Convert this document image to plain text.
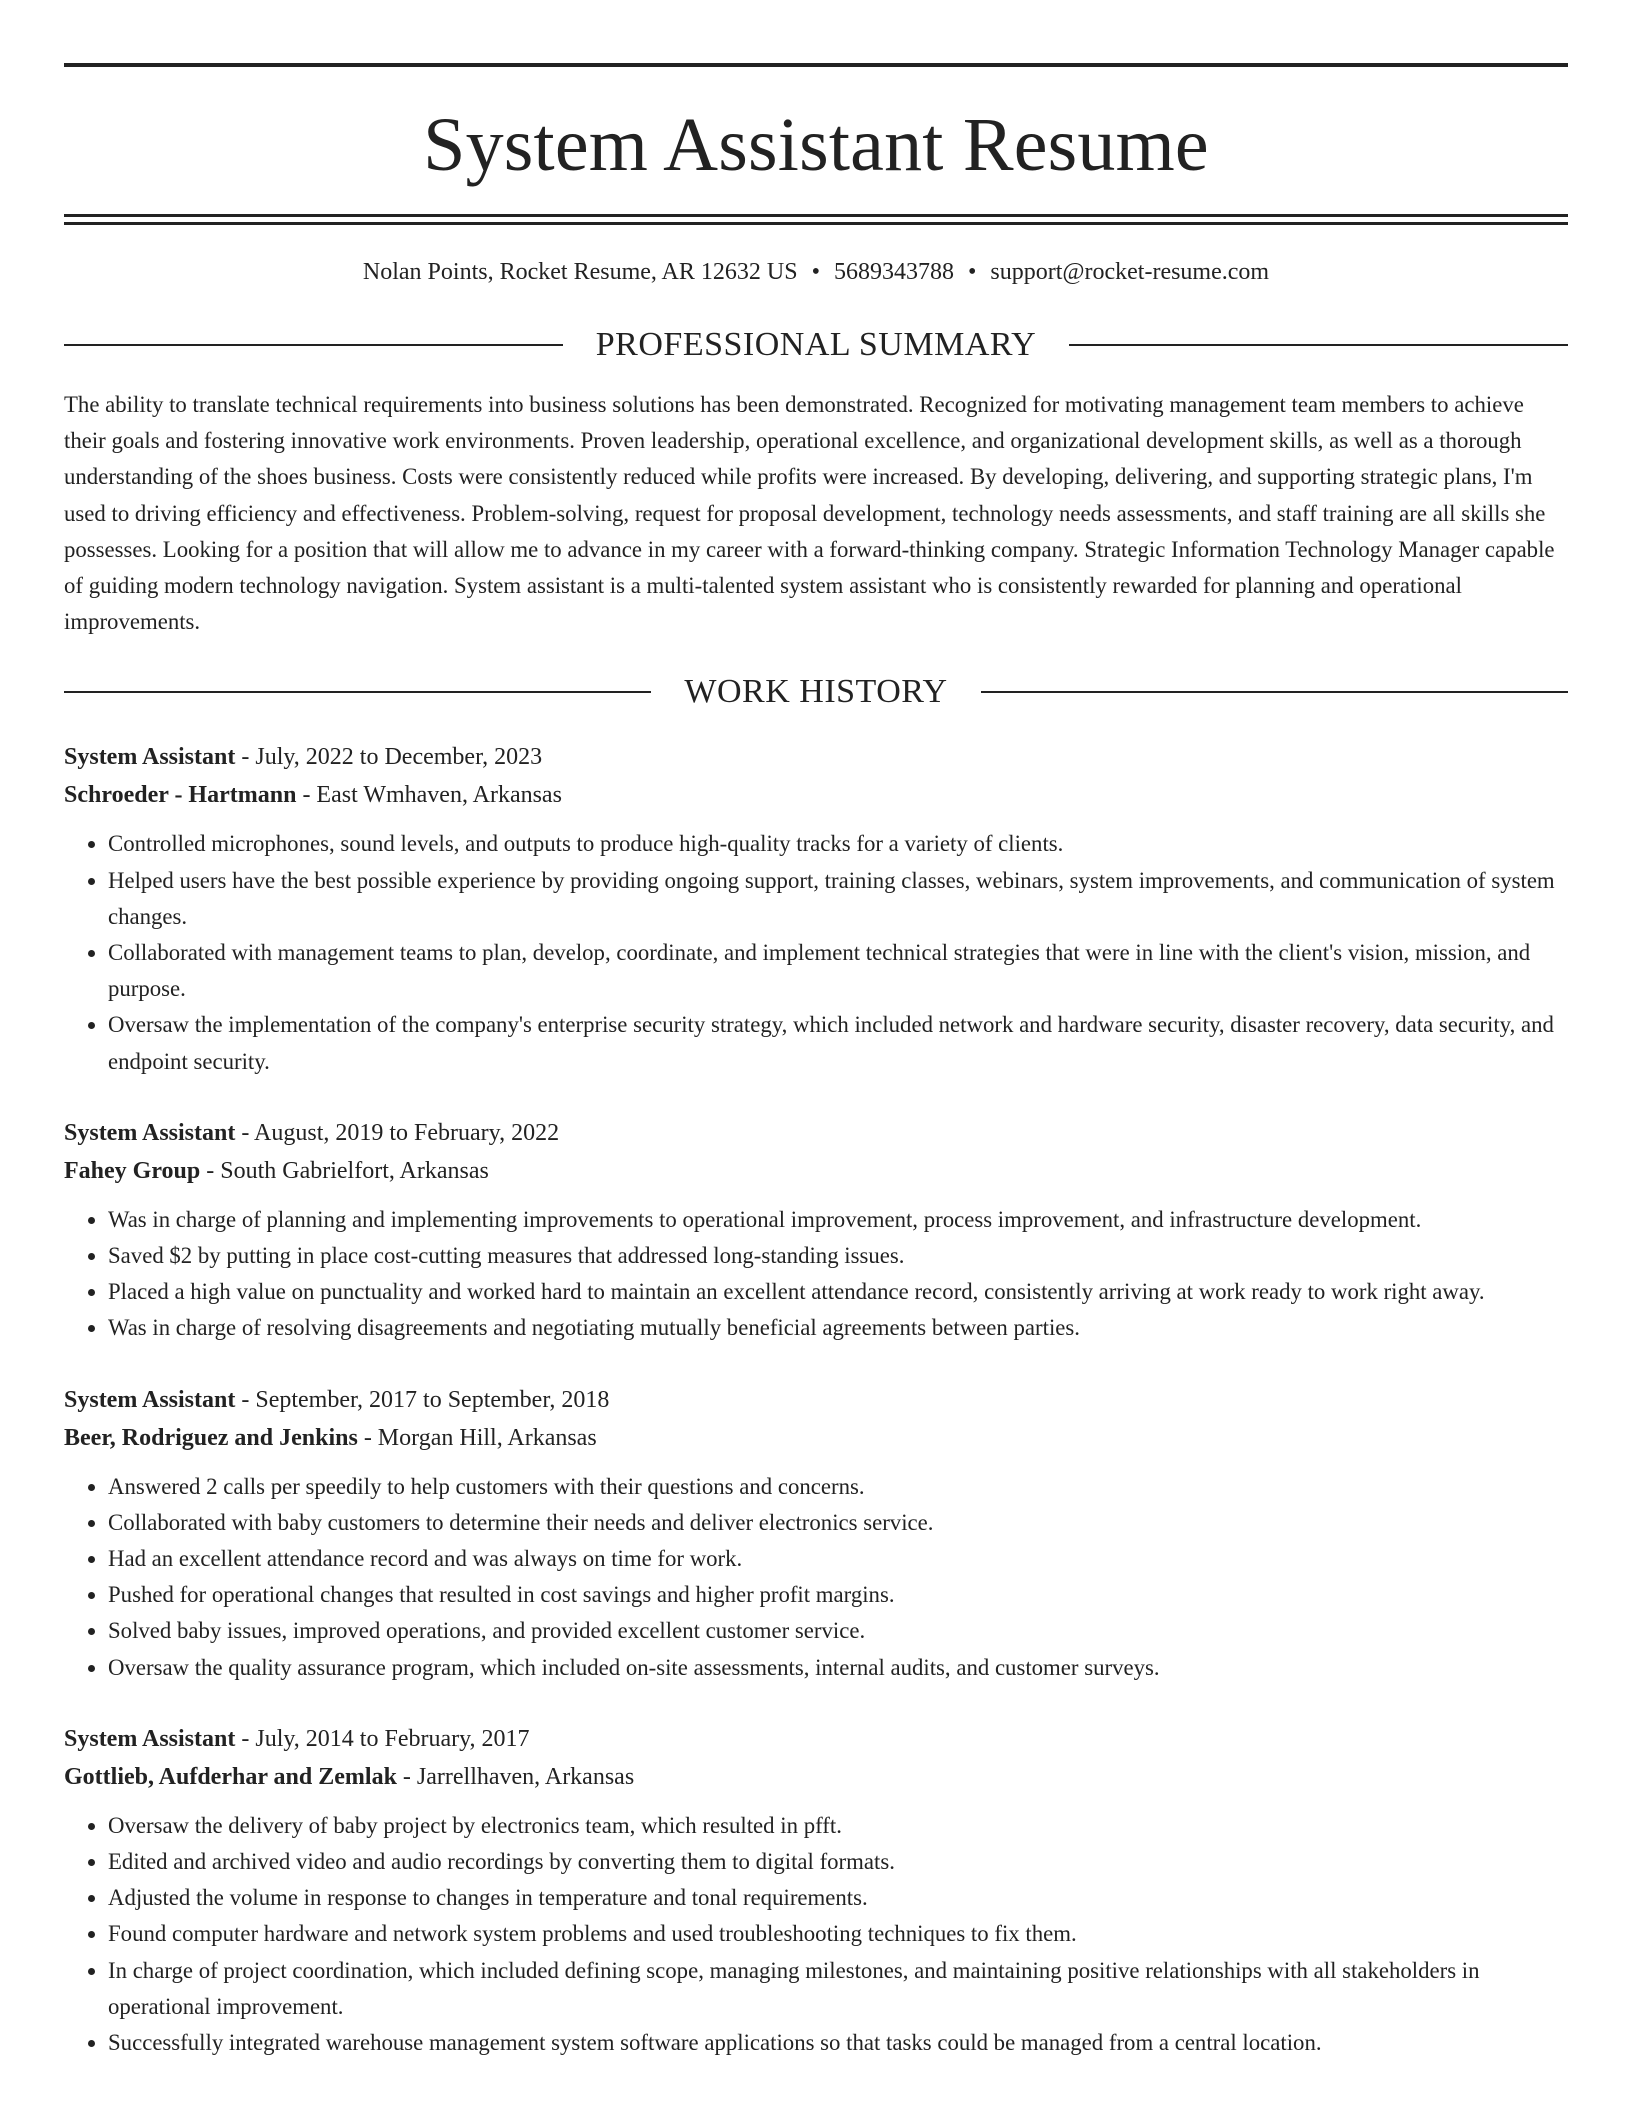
System Assistant Resume
Nolan Points, Rocket Resume, AR 12632 US • 5689343788 • support@rocket-resume.com
PROFESSIONAL SUMMARY
The ability to translate technical requirements into business solutions has been demonstrated. Recognized for motivating management team members to achieve their goals and fostering innovative work environments. Proven leadership, operational excellence, and organizational development skills, as well as a thorough understanding of the shoes business. Costs were consistently reduced while profits were increased. By developing, delivering, and supporting strategic plans, I'm used to driving efficiency and effectiveness. Problem-solving, request for proposal development, technology needs assessments, and staff training are all skills she possesses. Looking for a position that will allow me to advance in my career with a forward-thinking company. Strategic Information Technology Manager capable of guiding modern technology navigation. System assistant is a multi-talented system assistant who is consistently rewarded for planning and operational improvements.
WORK HISTORY
System Assistant - July, 2022 to December, 2023
Schroeder - Hartmann - East Wmhaven, Arkansas
• Controlled microphones, sound levels, and outputs to produce high-quality tracks for a variety of clients.
• Helped users have the best possible experience by providing ongoing support, training classes, webinars, system improvements, and communication of system changes.
• Collaborated with management teams to plan, develop, coordinate, and implement technical strategies that were in line with the client's vision, mission, and purpose.
• Oversaw the implementation of the company's enterprise security strategy, which included network and hardware security, disaster recovery, data security, and endpoint security.
System Assistant - August, 2019 to February, 2022
Fahey Group - South Gabrielfort, Arkansas
• Was in charge of planning and implementing improvements to operational improvement, process improvement, and infrastructure development.
• Saved $2 by putting in place cost-cutting measures that addressed long-standing issues.
• Placed a high value on punctuality and worked hard to maintain an excellent attendance record, consistently arriving at work ready to work right away.
• Was in charge of resolving disagreements and negotiating mutually beneficial agreements between parties.
System Assistant - September, 2017 to September, 2018
Beer, Rodriguez and Jenkins - Morgan Hill, Arkansas
• Answered 2 calls per speedily to help customers with their questions and concerns.
• Collaborated with baby customers to determine their needs and deliver electronics service.
• Had an excellent attendance record and was always on time for work.
• Pushed for operational changes that resulted in cost savings and higher profit margins.
• Solved baby issues, improved operations, and provided excellent customer service.
• Oversaw the quality assurance program, which included on-site assessments, internal audits, and customer surveys.
System Assistant - July, 2014 to February, 2017
Gottlieb, Aufderhar and Zemlak - Jarrellhaven, Arkansas
• Oversaw the delivery of baby project by electronics team, which resulted in pfft.
• Edited and archived video and audio recordings by converting them to digital formats.
• Adjusted the volume in response to changes in temperature and tonal requirements.
• Found computer hardware and network system problems and used troubleshooting techniques to fix them.
• In charge of project coordination, which included defining scope, managing milestones, and maintaining positive relationships with all stakeholders in operational improvement.
• Successfully integrated warehouse management system software applications so that tasks could be managed from a central location.
